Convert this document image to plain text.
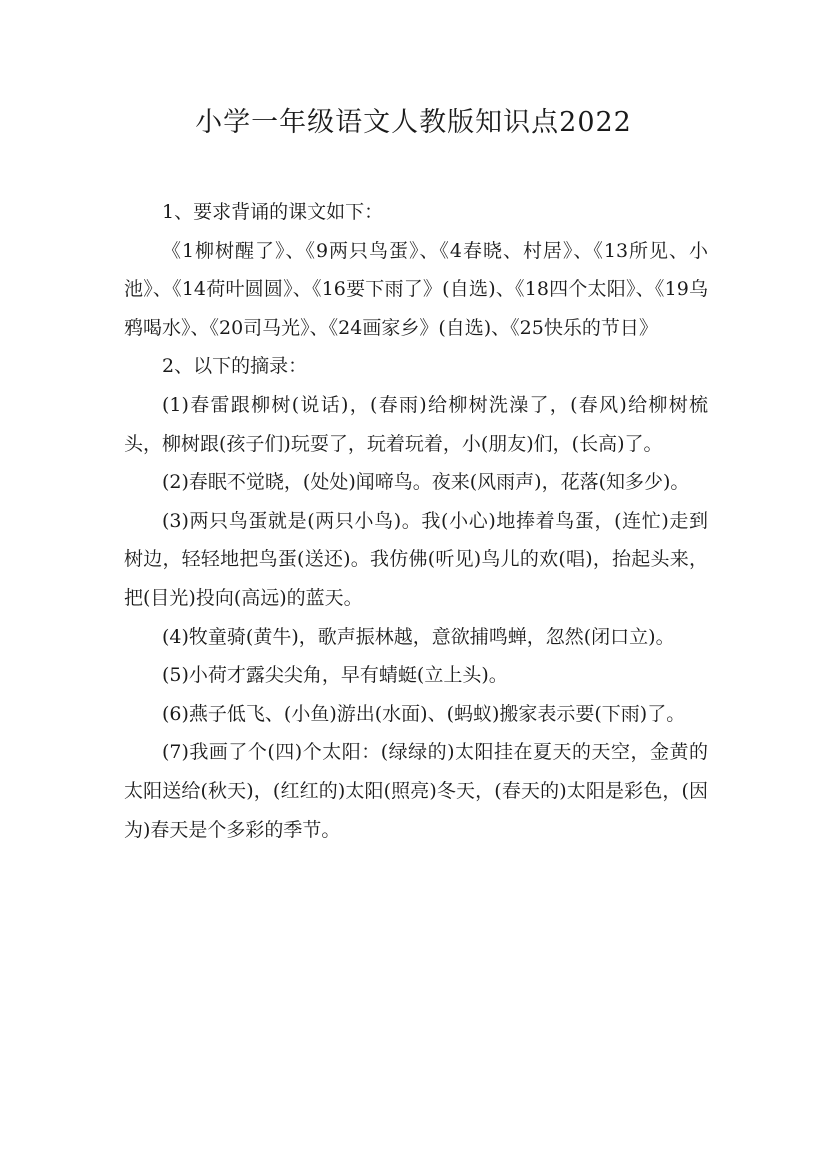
小学一年级语文人教版知识点2022

1、要求背诵的课文如下：

《1柳树醒了》、《9两只鸟蛋》、《4春晓、村居》、《13所见、小池》、《14荷叶圆圆》、《16要下雨了》(自选)、《18四个太阳》、《19乌鸦喝水》、《20司马光》、《24画家乡》(自选)、《25快乐的节日》

2、以下的摘录：

(1)春雷跟柳树(说话)，(春雨)给柳树洗澡了，(春风)给柳树梳头，柳树跟(孩子们)玩耍了，玩着玩着，小(朋友)们，(长高)了。

(2)春眠不觉晓，(处处)闻啼鸟。夜来(风雨声)，花落(知多少)。

(3)两只鸟蛋就是(两只小鸟)。我(小心)地捧着鸟蛋，(连忙)走到树边，轻轻地把鸟蛋(送还)。我仿佛(听见)鸟儿的欢(唱)，抬起头来，把(目光)投向(高远)的蓝天。

(4)牧童骑(黄牛)，歌声振林越，意欲捕鸣蝉，忽然(闭口立)。

(5)小荷才露尖尖角，早有蜻蜓(立上头)。

(6)燕子低飞、(小鱼)游出(水面)、(蚂蚁)搬家表示要(下雨)了。

(7)我画了个(四)个太阳：(绿绿的)太阳挂在夏天的天空，金黄的太阳送给(秋天)，(红红的)太阳(照亮)冬天，(春天的)太阳是彩色，(因为)春天是个多彩的季节。
